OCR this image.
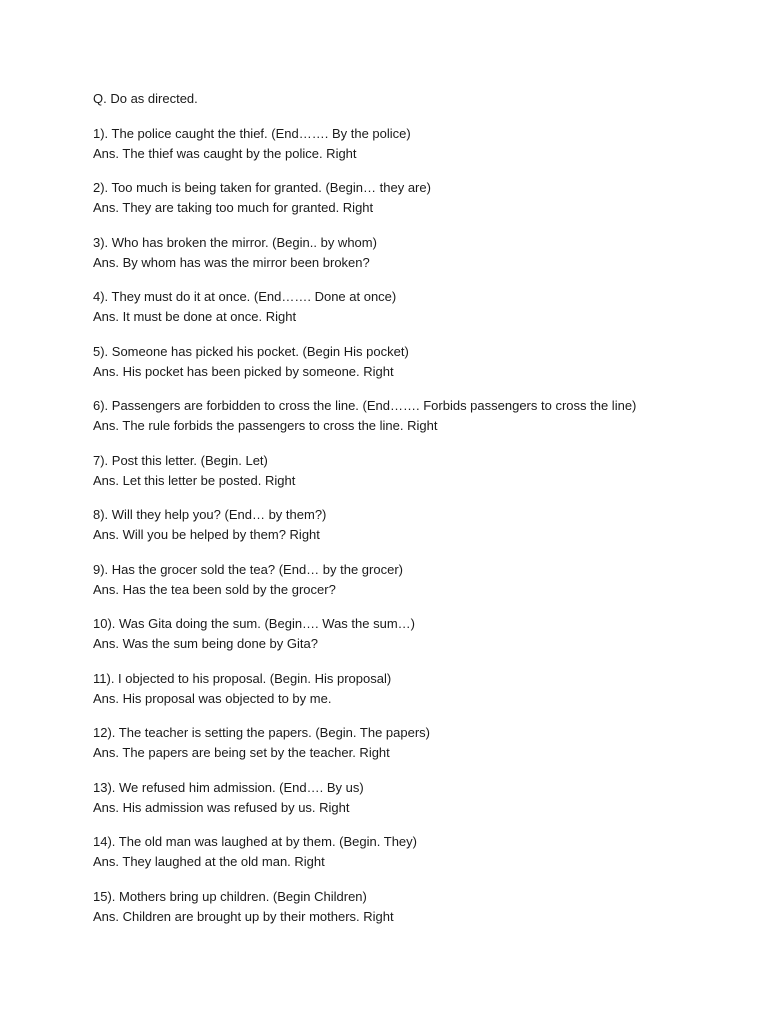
Q. Do as directed.
1). The police caught the thief. (End……. By the police)
Ans. The thief was caught by the police. Right
2). Too much is being taken for granted. (Begin… they are)
Ans. They are taking too much for granted. Right
3). Who has broken the mirror. (Begin.. by whom)
Ans. By whom has was the mirror been broken?
4). They must do it at once. (End……. Done at once)
Ans. It must be done at once. Right
5). Someone has picked his pocket. (Begin His pocket)
Ans. His pocket has been picked by someone. Right
6). Passengers are forbidden to cross the line. (End……. Forbids passengers to cross the line)
Ans. The rule forbids the passengers to cross the line. Right
7). Post this letter. (Begin. Let)
Ans. Let this letter be posted. Right
8). Will they help you? (End… by them?)
Ans. Will you be helped by them? Right
9). Has the grocer sold the tea? (End… by the grocer)
Ans. Has the tea been sold by the grocer?
10). Was Gita doing the sum. (Begin…. Was the sum…)
Ans. Was the sum being done by Gita?
11). I objected to his proposal. (Begin. His proposal)
Ans. His proposal was objected to by me.
12). The teacher is setting the papers. (Begin. The papers)
Ans. The papers are being set by the teacher. Right
13). We refused him admission. (End…. By us)
Ans. His admission was refused by us. Right
14). The old man was laughed at by them. (Begin. They)
Ans. They laughed at the old man. Right
15). Mothers bring up children. (Begin Children)
Ans. Children are brought up by their mothers. Right
